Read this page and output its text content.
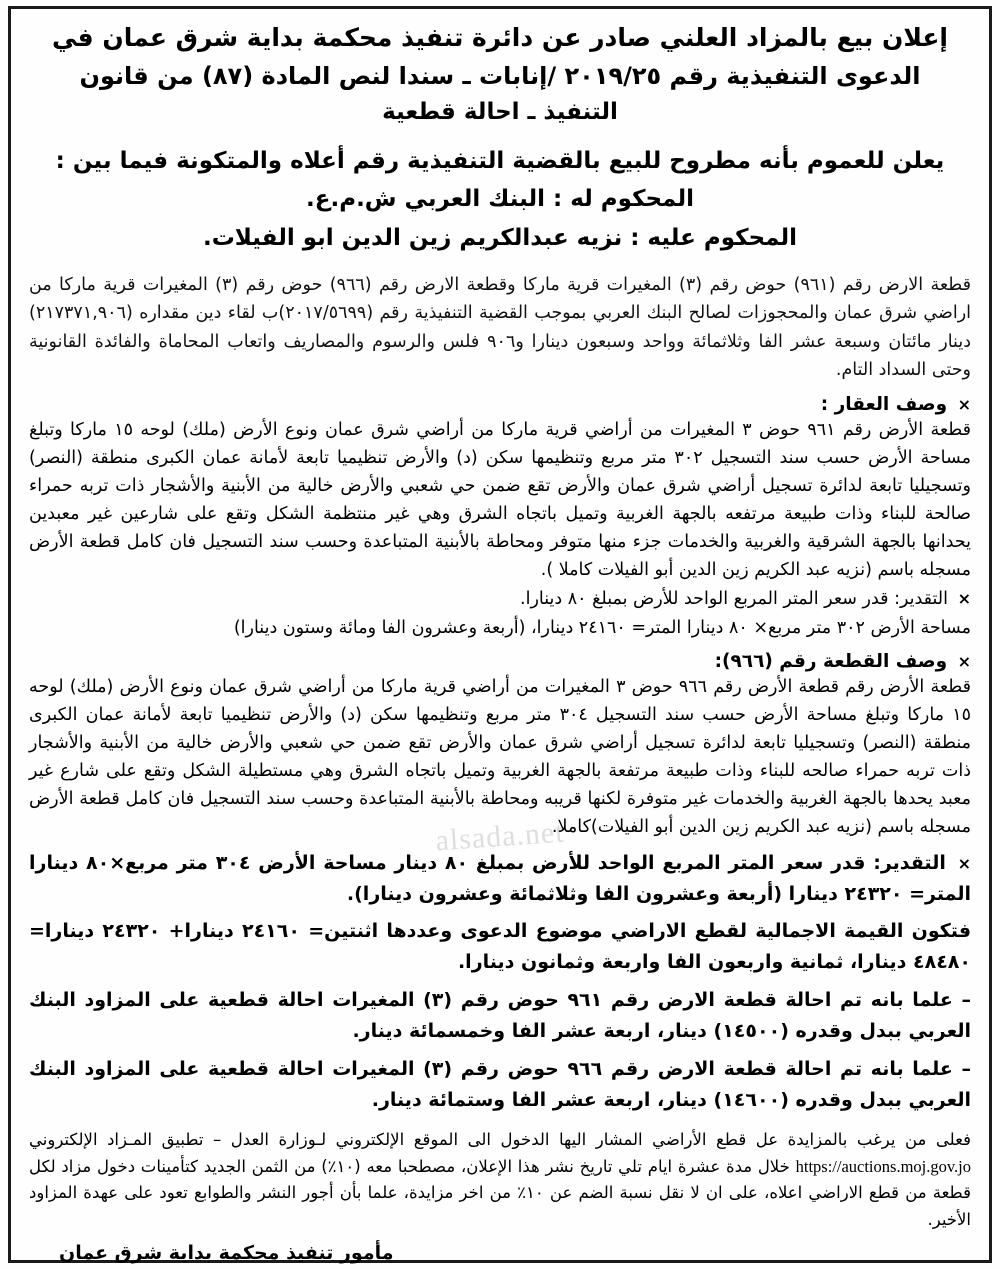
إعلان بيع بالمزاد العلني صادر عن دائرة تنفيذ محكمة بداية شرق عمان في
الدعوى التنفيذية رقم ٢٠١٩/٢٥ /إنابات ـ سندا لنص المادة (٨٧) من قانون
التنفيذ ـ احالة قطعية
يعلن للعموم بأنه مطروح للبيع بالقضية التنفيذية رقم أعلاه والمتكونة فيما بين :
المحكوم له : البنك العربي ش.م.ع.
المحكوم عليه : نزيه عبدالكريم زين الدين ابو الفيلات.

قطعة الارض رقم (٩٦١) حوض رقم (٣) المغيرات قرية ماركا وقطعة الارض رقم (٩٦٦) حوض رقم (٣) المغيرات قرية ماركا من اراضي شرق عمان والمحجوزات لصالح البنك العربي بموجب القضية التنفيذية رقم (٢٠١٧/٥٦٩٩)ب لقاء دين مقداره (٢١٧٣٧١,٩٠٦) دينار مائتان وسبعة عشر الفا وثلاثمائة وواحد وسبعون دينارا و٩٠٦ فلس والرسوم والمصاريف واتعاب المحاماة والفائدة القانونية وحتى السداد التام.

× وصف العقار :

قطعة الأرض رقم ٩٦١ حوض ٣ المغيرات من أراضي قرية ماركا من أراضي شرق عمان ونوع الأرض (ملك) لوحه ١٥ ماركا وتبلغ مساحة الأرض حسب سند التسجيل ٣٠٢ متر مربع وتنظيمها سكن (د) والأرض تنظيميا تابعة لأمانة عمان الكبرى منطقة (النصر) وتسجيليا تابعة لدائرة تسجيل أراضي شرق عمان والأرض تقع ضمن حي شعبي والأرض خالية من الأبنية والأشجار ذات تربه حمراء صالحة للبناء وذات طبيعة مرتفعه بالجهة الغربية وتميل باتجاه الشرق وهي غير منتظمة الشكل وتقع على شارعين غير معبدين يحدانها بالجهة الشرقية والغربية والخدمات جزء منها متوفر ومحاطة بالأبنية المتباعدة وحسب سند التسجيل فان كامل قطعة الأرض مسجله باسم (نزيه عبد الكريم زين الدين أبو الفيلات كاملا ).

× التقدير: قدر سعر المتر المربع الواحد للأرض بمبلغ ٨٠ دينارا.

مساحة الأرض ٣٠٢ متر مربع× ٨٠ دينارا المتر= ٢٤١٦٠ دينارا، (أربعة وعشرون الفا ومائة وستون دينارا)

× وصف القطعة رقم (٩٦٦):

قطعة الأرض رقم قطعة الأرض رقم ٩٦٦ حوض ٣ المغيرات من أراضي قرية ماركا من أراضي شرق عمان ونوع الأرض (ملك) لوحه ١٥ ماركا وتبلغ مساحة الأرض حسب سند التسجيل ٣٠٤ متر مربع وتنظيمها سكن (د) والأرض تنظيميا تابعة لأمانة عمان الكبرى منطقة (النصر) وتسجيليا تابعة لدائرة تسجيل أراضي شرق عمان والأرض تقع ضمن حي شعبي والأرض خالية من الأبنية والأشجار ذات تربه حمراء صالحه للبناء وذات طبيعة مرتفعة بالجهة الغربية وتميل باتجاه الشرق وهي مستطيلة الشكل وتقع على شارع غير معبد يحدها بالجهة الغربية والخدمات غير متوفرة لكنها قريبه ومحاطة بالأبنية المتباعدة وحسب سند التسجيل فان كامل قطعة الأرض مسجله باسم (نزيه عبد الكريم زين الدين أبو الفيلات)كاملا.

× التقدير: قدر سعر المتر المربع الواحد للأرض بمبلغ ٨٠ دينار مساحة الأرض ٣٠٤ متر مربع×٨٠ دينارا المتر= ٢٤٣٢٠ دينارا (أربعة وعشرون الفا وثلاثمائة وعشرون دينارا).

فتكون القيمة الاجمالية لقطع الاراضي موضوع الدعوى وعددها اثنتين= ٢٤١٦٠ دينارا+ ٢٤٣٢٠ دينارا= ٤٨٤٨٠ دينارا، ثمانية واربعون الفا واربعة وثمانون دينارا.

– علما بانه تم احالة قطعة الارض رقم ٩٦١ حوض رقم (٣) المغيرات احالة قطعية على المزاود البنك العربي ببدل وقدره (١٤٥٠٠) دينار، اربعة عشر الفا وخمسمائة دينار.

– علما بانه تم احالة قطعة الارض رقم ٩٦٦ حوض رقم (٣) المغيرات احالة قطعية على المزاود البنك العربي ببدل وقدره (١٤٦٠٠) دينار، اربعة عشر الفا وستمائة دينار.

فعلى من يرغب بالمزايدة عل قطع الأراضي المشار اليها الدخول الى الموقع الإلكتروني لـوزارة العدل – تطبيق المـزاد الإلكتروني https://auctions.moj.gov.jo خلال مدة عشرة ايام تلي تاريخ نشر هذا الإعلان، مصطحبا معه (١٠٪) من الثمن الجديد كتأمينات دخول مزاد لكل قطعة من قطع الاراضي اعلاه، على ان لا نقل نسبة الضم عن ١٠٪ من اخر مزايدة، علما بأن أجور النشر والطوابع تعود على عهدة المزاود الأخير.
مأمور تنفيذ محكمة بداية شرق عمان
alsada.net
